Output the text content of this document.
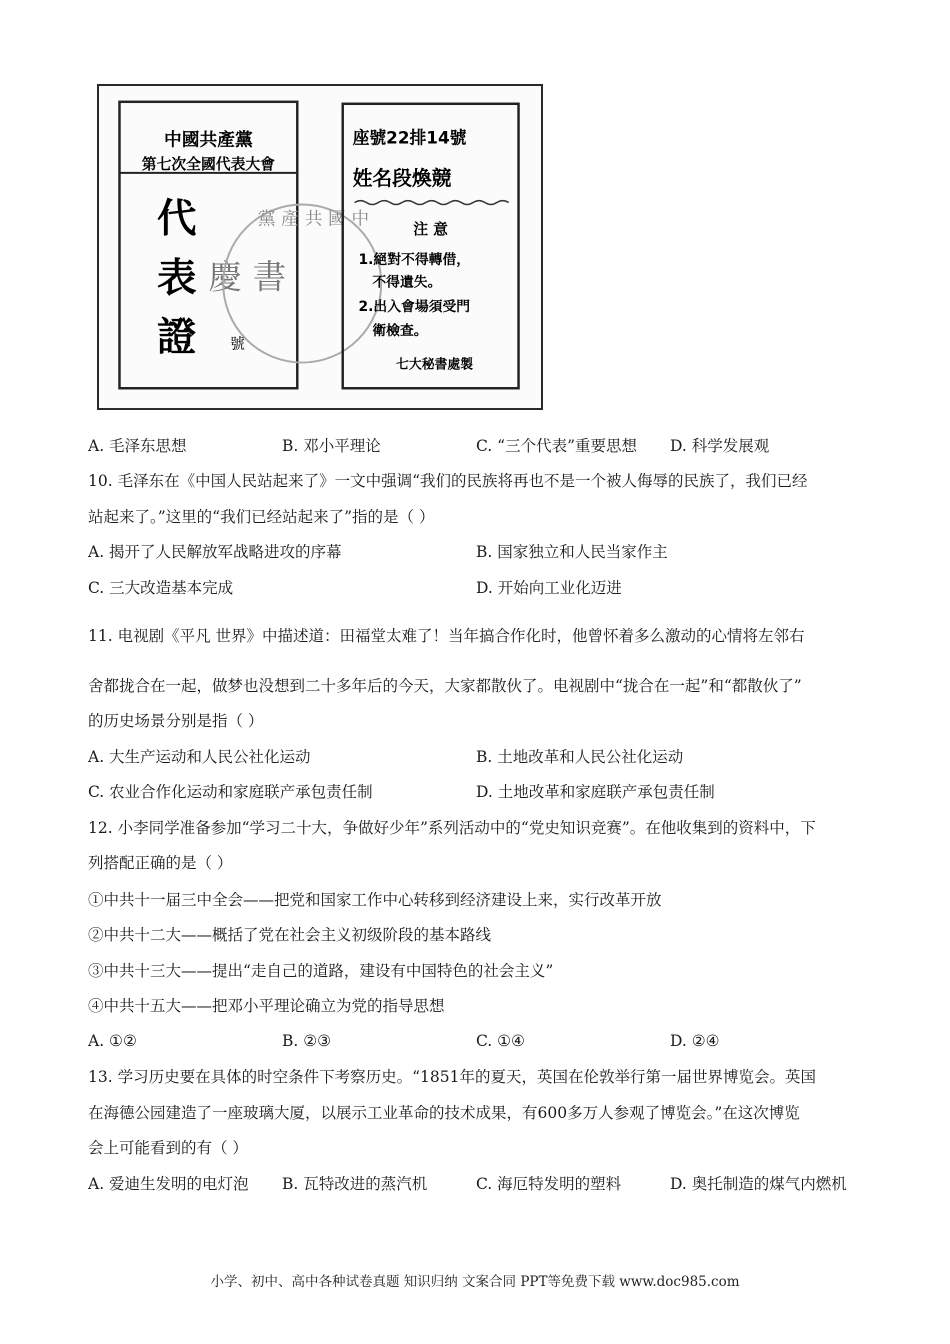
中國共產黨
第七次全國代表大會
代
表
證
慶 書
號
黨 產 共 國 中
座號22排14號
姓名段煥競
注 意
1.絕對不得轉借，
不得遺失。
2.出入會場須受門
衛檢查。
七大秘書處製
A. 毛泽东思想	B. 邓小平理论	C. “三个代表”重要思想 D. 科学发展观
10. 毛泽东在《中国人民站起来了》一文中强调“我们的民族将再也不是一个被人侮辱的民族了，我们已经
站起来了。”这里的“我们已经站起来了”指的是（ ）
A. 揭开了人民解放军战略进攻的序幕	B. 国家独立和人民当家作主
C. 三大改造基本完成	D. 开始向工业化迈进
11. 电视剧《平凡 世界》中描述道：田福堂太难了！当年搞合作化时，他曾怀着多么激动的心情将左邻右
舍都拢合在一起，做梦也没想到二十多年后的今天，大家都散伙了。电视剧中“拢合在一起”和“都散伙了”
的历史场景分别是指（ ）
A. 大生产运动和人民公社化运动	B. 土地改革和人民公社化运动
C. 农业合作化运动和家庭联产承包责任制	D. 土地改革和家庭联产承包责任制
12. 小李同学准备参加“学习二十大，争做好少年”系列活动中的“党史知识竞赛”。在他收集到的资料中，下
列搭配正确的是（ ）
①中共十一届三中全会——把党和国家工作中心转移到经济建设上来，实行改革开放
②中共十二大——概括了党在社会主义初级阶段的基本路线
③中共十三大——提出“走自己的道路，建设有中国特色的社会主义”
④中共十五大——把邓小平理论确立为党的指导思想
A. ①②	B. ②③	C. ①④	D. ②④
13. 学习历史要在具体的时空条件下考察历史。“1851年的夏天，英国在伦敦举行第一届世界博览会。英国
在海德公园建造了一座玻璃大厦，以展示工业革命的技术成果，有600多万人参观了博览会。”在这次博览
会上可能看到的有（ ）
A. 爱迪生发明的电灯泡 B. 瓦特改进的蒸汽机	C. 海厄特发明的塑料	D. 奥托制造的煤气内燃机
小学、初中、高中各种试卷真题 知识归纳 文案合同 PPT等免费下载 www.doc985.com
